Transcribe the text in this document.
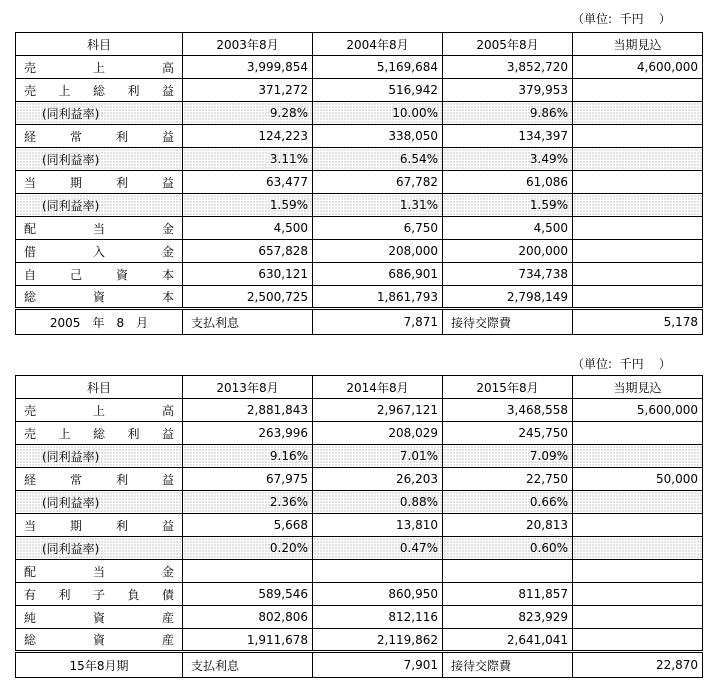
（単位:  千円    ）
科目	2003年8月	2004年8月	2005年8月	当期見込
売上高	3,999,854	5,169,684	3,852,720	4,600,000
売上総利益	371,272	516,942	379,953	
(同利益率)	9.28%	10.00%	9.86%	
経常利益	124,223	338,050	134,397	
(同利益率)	3.11%	6.54%	3.49%	
当期利益	63,477	67,782	61,086	
(同利益率)	1.59%	1.31%	1.59%	
配当金	4,500	6,750	4,500	
借入金	657,828	208,000	200,000	
自己資本	630,121	686,901	734,738	
総資本	2,500,725	1,861,793	2,798,149	
2005　年　8　月	支払利息	7,871	接待交際費	5,178
（単位:  千円    ）
科目	2013年8月	2014年8月	2015年8月	当期見込
売上高	2,881,843	2,967,121	3,468,558	5,600,000
売上総利益	263,996	208,029	245,750	
(同利益率)	9.16%	7.01%	7.09%	
経常利益	67,975	26,203	22,750	50,000
(同利益率)	2.36%	0.88%	0.66%	
当期利益	5,668	13,810	20,813	
(同利益率)	0.20%	0.47%	0.60%	
配当金				
有利子負債	589,546	860,950	811,857	
純資産	802,806	812,116	823,929	
総資産	1,911,678	2,119,862	2,641,041	
15年8月期	支払利息	7,901	接待交際費	22,870
